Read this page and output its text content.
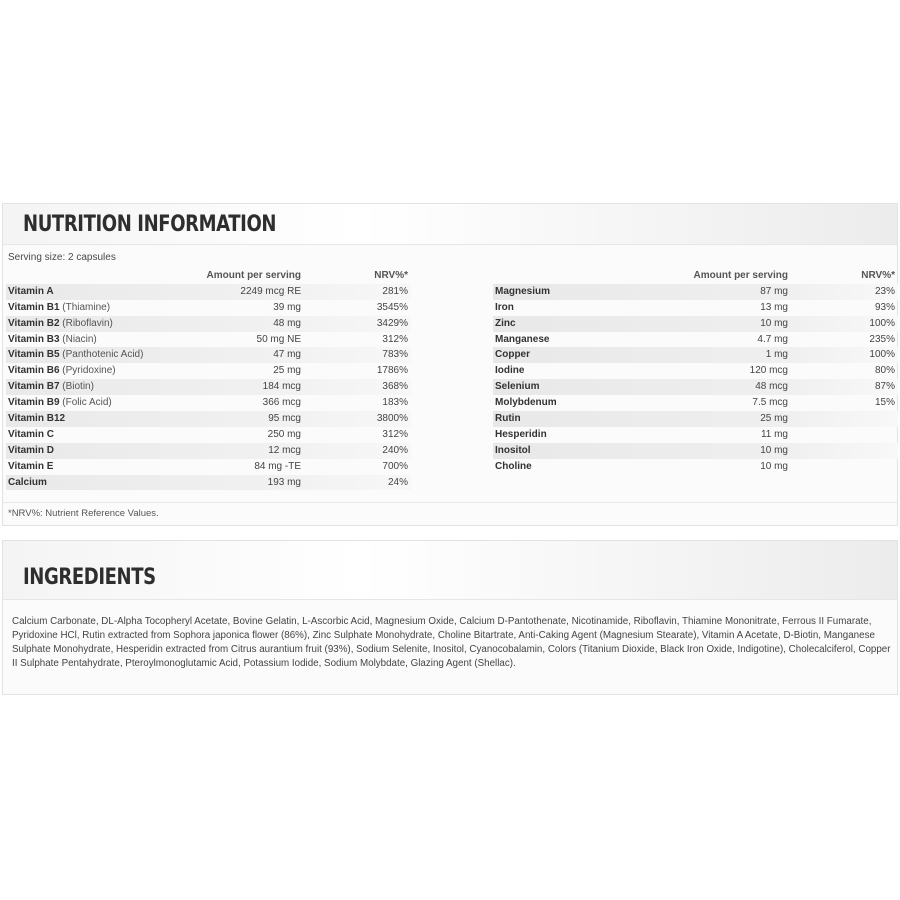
NUTRITION INFORMATION
Serving size: 2 capsules
Amount per serving	NRV%*
Vitamin A	2249 mcg RE	281%
Vitamin B1 (Thiamine)	39 mg	3545%
Vitamin B2 (Riboflavin)	48 mg	3429%
Vitamin B3 (Niacin)	50 mg NE	312%
Vitamin B5 (Panthotenic Acid)	47 mg	783%
Vitamin B6 (Pyridoxine)	25 mg	1786%
Vitamin B7 (Biotin)	184 mcg	368%
Vitamin B9 (Folic Acid)	366 mcg	183%
Vitamin B12	95 mcg	3800%
Vitamin C	250 mg	312%
Vitamin D	12 mcg	240%
Vitamin E	84 mg -TE	700%
Calcium	193 mg	24%
Amount per serving	NRV%*
Magnesium	87 mg	23%
Iron	13 mg	93%
Zinc	10 mg	100%
Manganese	4.7 mg	235%
Copper	1 mg	100%
Iodine	120 mcg	80%
Selenium	48 mcg	87%
Molybdenum	7.5 mcg	15%
Rutin	25 mg
Hesperidin	11 mg
Inositol	10 mg
Choline	10 mg
*NRV%: Nutrient Reference Values.
INGREDIENTS
Calcium Carbonate, DL-Alpha Tocopheryl Acetate, Bovine Gelatin, L-Ascorbic Acid, Magnesium Oxide, Calcium D-Pantothenate, Nicotinamide, Riboflavin, Thiamine Mononitrate, Ferrous II Fumarate, Pyridoxine HCl, Rutin extracted from Sophora japonica flower (86%), Zinc Sulphate Monohydrate, Choline Bitartrate, Anti-Caking Agent (Magnesium Stearate), Vitamin A Acetate, D-Biotin, Manganese Sulphate Monohydrate, Hesperidin extracted from Citrus aurantium fruit (93%), Sodium Selenite, Inositol, Cyanocobalamin, Colors (Titanium Dioxide, Black Iron Oxide, Indigotine), Cholecalciferol, Copper II Sulphate Pentahydrate, Pteroylmonoglutamic Acid, Potassium Iodide, Sodium Molybdate, Glazing Agent (Shellac).
